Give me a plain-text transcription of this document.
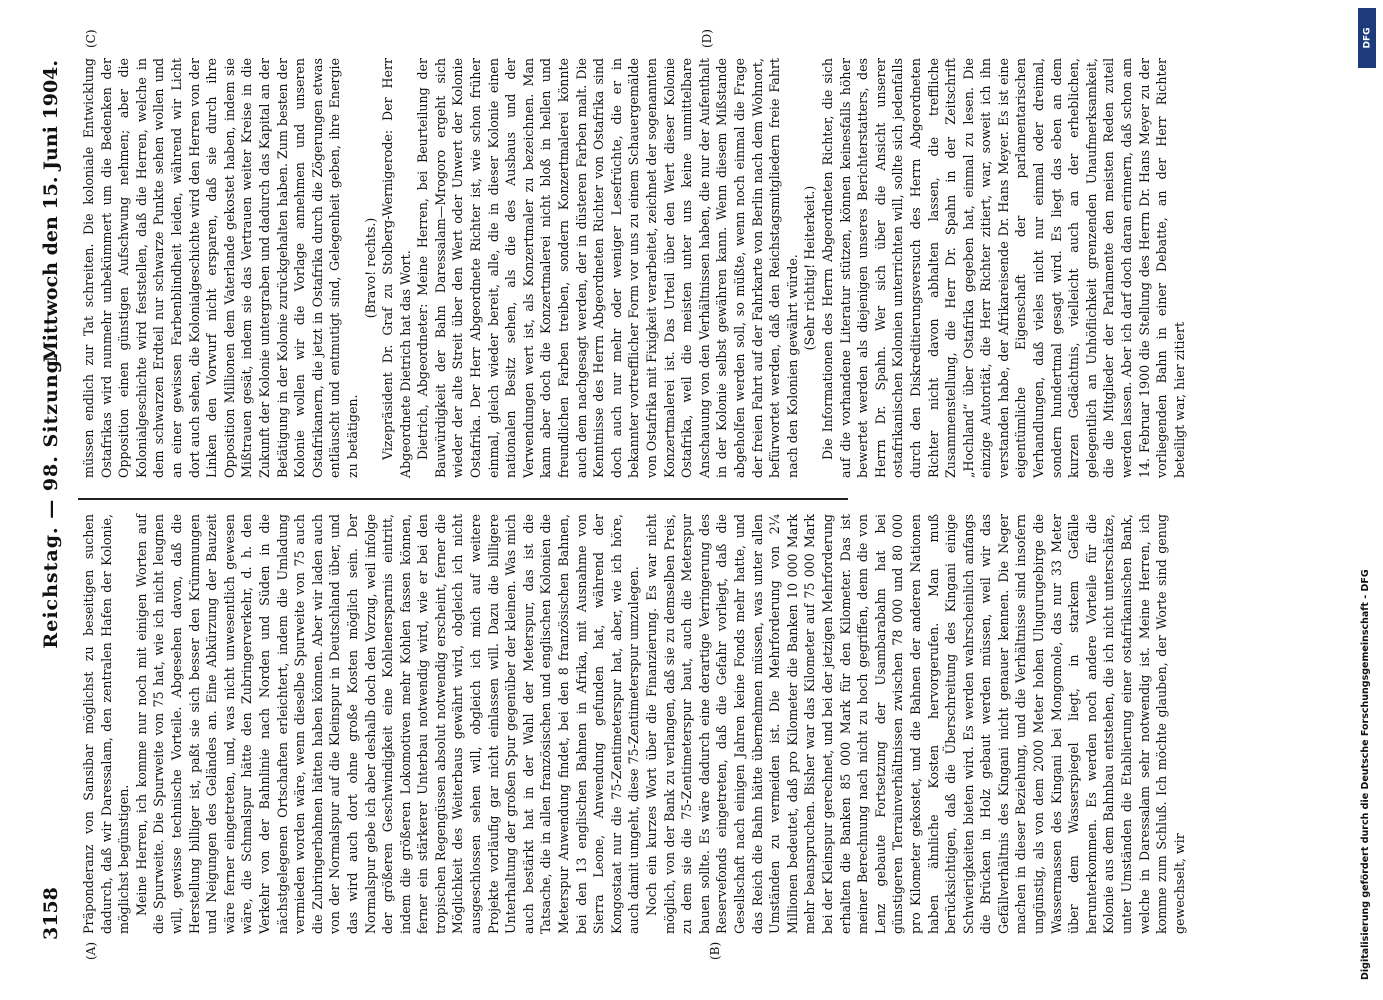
3158
Reichstag. — 98. Sitzung.
Mittwoch den 15. Juni 1904.
(A)	(B)
(C)	(D)

Präponderanz von Sansibar möglichst zu beseitigen suchen dadurch, daß wir Daressalam, den zentralen Hafen der Kolonie, möglichst begünstigen. Meine Herren, ich komme nur noch mit einigen Worten auf die Spurweite. Die Spurweite von 75 hat, wie ich nicht leugnen will, gewisse technische Vorteile. Abgesehen davon, daß die Herstellung billiger ist, paßt sie sich besser den Krümmungen und Neigungen des Geländes an. Eine Abkürzung der Bauzeit wäre ferner eingetreten, und, was nicht unwesentlich gewesen wäre, die Schmalspur hätte den Zubringerverkehr, d. h. den Verkehr von der Bahnlinie nach Norden und Süden in die nächstgelegenen Ortschaften erleichtert, indem die Umladung vermieden worden wäre, wenn dieselbe Spurweite von 75 auch die Zubringerbahnen hätten haben können. Aber wir laden auch von der Normalspur auf die Kleinspur in Deutschland über, und das wird auch dort ohne große Kosten möglich sein. Der Normalspur gebe ich aber deshalb doch den Vorzug, weil infolge der größeren Geschwindigkeit eine Kohlenersparnis eintritt, indem die größeren Lokomotiven mehr Kohlen fassen können, ferner ein stärkerer Unterbau notwendig wird, wie er bei den tropischen Regengüssen absolut notwendig erscheint, ferner die Möglichkeit des Weiterbaus gewährt wird, obgleich ich nicht ausgeschlossen sehen will, obgleich ich mich auf weitere Projekte vorläufig gar nicht einlassen will. Dazu die billigere Unterhaltung der großen Spur gegenüber der kleinen. Was mich auch bestärkt hat in der Wahl der Meterspur, das ist die Tatsache, die in allen französischen und englischen Kolonien die Meterspur Anwendung findet, bei den 8 französischen Bahnen, bei den 13 englischen Bahnen in Afrika, mit Ausnahme von Sierra Leone, Anwendung gefunden hat, während der Kongostaat nur die 75-Zentimeterspur hat, aber, wie ich höre, auch damit umgeht, diese 75-Zentimeterspur umzulegen. Noch ein kurzes Wort über die Finanzierung. Es war nicht möglich, von der Bank zu verlangen, daß sie zu demselben Preis, zu dem sie die 75-Zentimeterspur baut, auch die Meterspur bauen sollte. Es wäre dadurch eine derartige Verringerung des Reservefonds eingetreten, daß die Gefahr vorliegt, daß die Gesellschaft nach einigen Jahren keine Fonds mehr hatte, und das Reich die Bahn hätte übernehmen müssen, was unter allen Umständen zu vermeiden ist. Die Mehrforderung von 2¼ Millionen bedeutet, daß pro Kilometer die Banken 10 000 Mark mehr beanspruchen. Bisher war das Kilometer auf 75 000 Mark bei der Kleinspur gerechnet, und bei der jetzigen Mehrforderung erhalten die Banken 85 000 Mark für den Kilometer. Das ist meiner Berechnung nach nicht zu hoch gegriffen, denn die von Lenz gebaute Fortsetzung der Usambarabahn hat bei günstigeren Terrainverhältnissen zwischen 78 000 und 80 000 pro Kilometer gekostet, und die Bahnen der anderen Nationen haben ähnliche Kosten hervorgerufen. Man muß berücksichtigen, daß die Überschreitung des Kingani einige Schwierigkeiten bieten wird. Es werden wahrscheinlich anfangs die Brücken in Holz gebaut werden müssen, weil wir das Gefällverhältnis des Kingani nicht genauer kennen. Die Neger machen in dieser Beziehung, und die Verhältnisse sind insofern ungünstig, als von dem 2000 Meter hohen Ulugurugebirge die Wassermassen des Kingani bei Mongomole, das nur 33 Meter über dem Wasserspiegel liegt, in starkem Gefälle herunterkommen. Es werden noch andere Vorteile für die Kolonie aus dem Bahnbau entstehen, die ich nicht unterschätze, unter Umständen die Etablierung einer ostafrikanischen Bank, welche in Daressalam sehr notwendig ist. Meine Herren, ich komme zum Schluß. Ich möchte glauben, der Worte sind genug gewechselt, wir

müssen endlich zur Tat schreiten. Die koloniale Entwicklung Ostafrikas wird nunmehr unbekümmert um die Bedenken der Opposition einen günstigen Aufschwung nehmen; aber die Kolonialgeschichte wird feststellen, daß die Herren, welche in dem schwarzen Erdteil nur schwarze Punkte sehen wollen und an einer gewissen Farbenblindheit leiden, während wir Licht dort auch sehen, die Kolonialgeschichte wird den Herren von der Linken den Vorwurf nicht ersparen, daß sie durch ihre Opposition Millionen dem Vaterlande gekostet haben, indem sie Mißtrauen gesät, indem sie das Vertrauen weiter Kreise in die Zukunft der Kolonie untergraben und dadurch das Kapital an der Betätigung in der Kolonie zurückgehalten haben. Zum besten der Kolonie wollen wir die Vorlage annehmen und unseren Ostafrikanern, die jetzt in Ostafrika durch die Zögerungen etwas entläuscht und entmutigt sind, Gelegenheit geben, ihre Energie zu betätigen.

(Bravo! rechts.) Vizepräsident Dr. Graf zu Stolberg-Wernigerode: Der Herr Abgeordnete Dietrich hat das Wort. Dietrich, Abgeordneter: Meine Herren, bei Beurteilung der Bauwürdigkeit der Bahn Daressalam—Mrogoro ergeht sich wieder der alte Streit über den Wert oder Unwert der Kolonie Ostafrika. Der Herr Abgeordnete Richter ist, wie schon früher einmal, gleich wieder bereit, alle, die in dieser Kolonie einen nationalen Besitz sehen, als die des Ausbaus und der Verwendungen wert ist, als Konzertmaler zu bezeichnen. Man kann aber doch die Konzertmalerei nicht bloß in hellen und freundlichen Farben treiben, sondern Konzertmalerei könnte auch dem nachgesagt werden, der in düsteren Farben malt. Die Kenntnisse des Herrn Abgeordneten Richter von Ostafrika sind doch auch nur mehr oder weniger Lesefrüchte, die er in bekannter vortrefflicher Form vor uns zu einem Schauergemälde von Ostafrika mit Fixigkeit verarbeitet, zeichnet der sogenannten Konzertmalerei ist. Das Urteil über den Wert dieser Kolonie Ostafrika, weil die meisten unter uns keine unmittelbare Anschauung von den Verhältnissen haben, die nur der Aufenthalt in der Kolonie selbst gewähren kann. Wenn diesem Mißstande abgeholfen werden soll, so müßte, wenn noch einmal die Frage der freien Fahrt auf der Fahrkarte von Berlin nach dem Wohnort, befürwortet werden, daß den Reichstagsmitgliedern freie Fahrt nach den Kolonien gewährt würde. (Sehr richtig! Heiterkeit.) Die Informationen des Herrn Abgeordneten Richter, die sich auf die vorhandene Literatur stützen, können keinesfalls höher bewertet werden als diejenigen unseres Berichterstatters, des Herrn Dr. Spahn. Wer sich über die Ansicht unserer ostafrikanischen Kolonien unterrichten will, sollte sich jedenfalls durch den Diskreditierungsversuch des Herrn Abgeordneten Richter nicht davon abhalten lassen, die treffliche Zusammenstellung, die Herr Dr. Spahn in der Zeitschrift „Hochland“ über Ostafrika gegeben hat, einmal zu lesen. Die einzige Autorität, die Herr Richter zitiert, war, soweit ich ihn verstanden habe, der Afrikareisende Dr. Hans Meyer. Es ist eine eigentümliche Eigenschaft der parlamentarischen Verhandlungen, daß vieles nicht nur einmal oder dreimal, sondern hundertmal gesagt wird. Es liegt das eben an dem kurzen Gedächtnis, vielleicht auch an der erheblichen, gelegentlich an Unhöflichkeit grenzenden Unaufmerksamkeit, die die Mitglieder der Parlamente den meisten Reden zuteil werden lassen. Aber ich darf doch daran erinnern, daß schon am 14. Februar 1900 die Stellung des Herrn Dr. Hans Meyer zu der vorliegenden Bahn in einer Debatte, an der Herr Richter beteiligt war, hier zitiert

DFG
Digitalisierung gefördert durch die Deutsche Forschungsgemeinschaft - DFG
